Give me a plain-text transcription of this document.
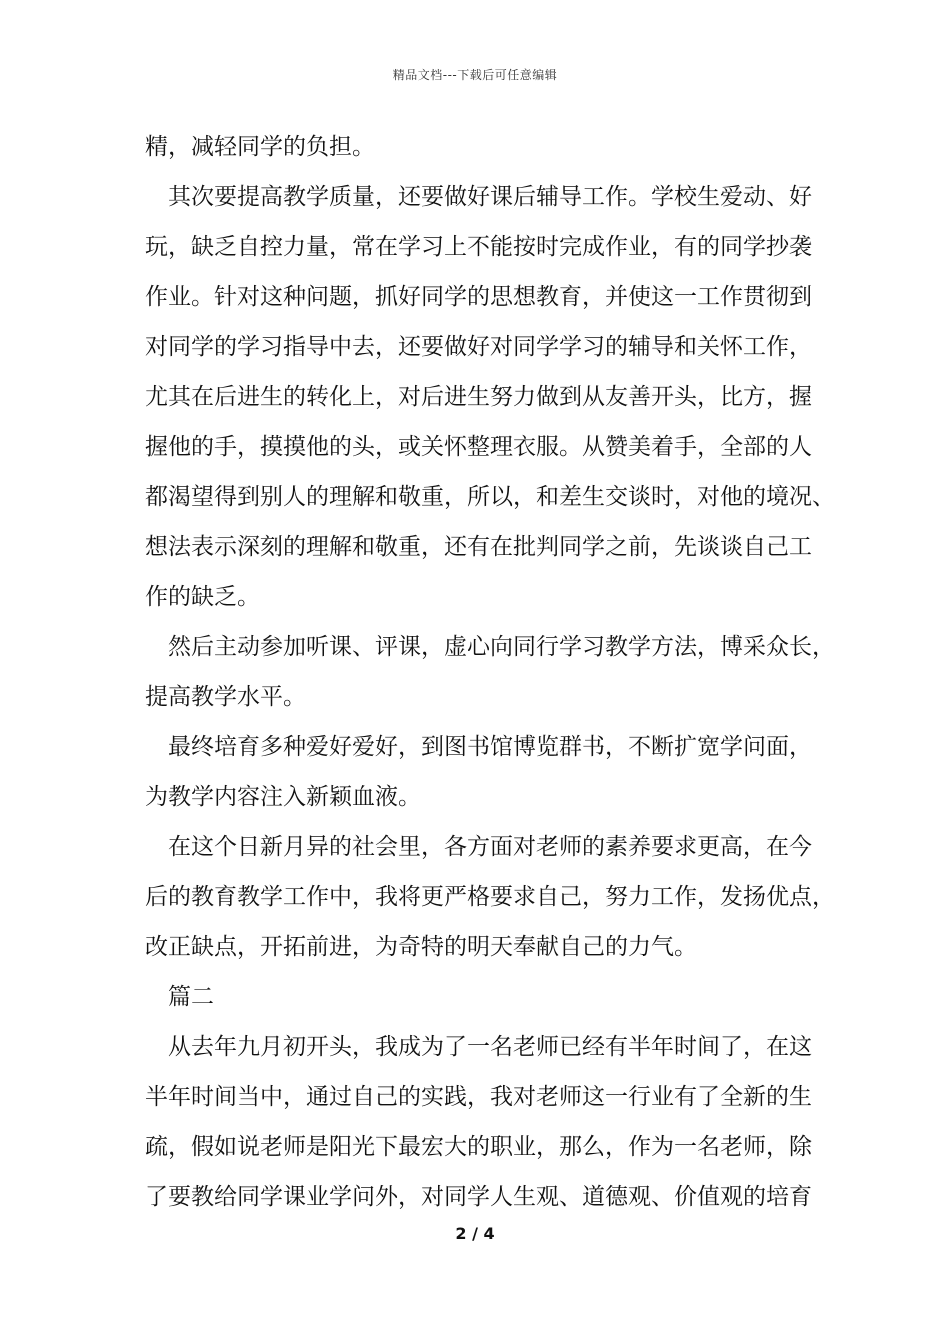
精品文档---下载后可任意编辑
精，减轻同学的负担。
其次要提高教学质量，还要做好课后辅导工作。学校生爱动、好
玩，缺乏自控力量，常在学习上不能按时完成作业，有的同学抄袭
作业。针对这种问题，抓好同学的思想教育，并使这一工作贯彻到
对同学的学习指导中去，还要做好对同学学习的辅导和关怀工作，
尤其在后进生的转化上，对后进生努力做到从友善开头，比方，握
握他的手，摸摸他的头，或关怀整理衣服。从赞美着手，全部的人
都渴望得到别人的理解和敬重，所以，和差生交谈时，对他的境况、
想法表示深刻的理解和敬重，还有在批判同学之前，先谈谈自己工
作的缺乏。
然后主动参加听课、评课，虚心向同行学习教学方法，博采众长，
提高教学水平。
最终培育多种爱好爱好，到图书馆博览群书，不断扩宽学问面，
为教学内容注入新颖血液。
在这个日新月异的社会里，各方面对老师的素养要求更高，在今
后的教育教学工作中，我将更严格要求自己，努力工作，发扬优点，
改正缺点，开拓前进，为奇特的明天奉献自己的力气。
篇二
从去年九月初开头，我成为了一名老师已经有半年时间了，在这
半年时间当中，通过自己的实践，我对老师这一行业有了全新的生
疏，假如说老师是阳光下最宏大的职业，那么，作为一名老师，除
了要教给同学课业学问外，对同学人生观、道德观、价值观的培育
2 / 4
